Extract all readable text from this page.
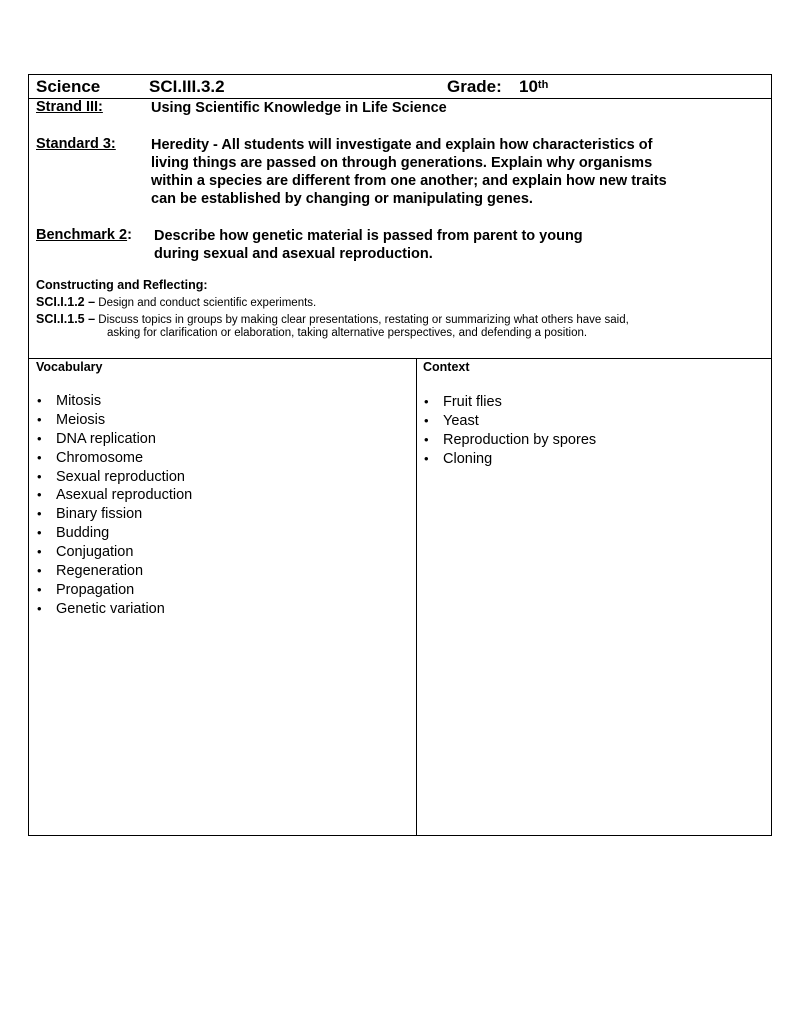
Science	SCI.III.3.2	Grade: 10 th
Strand III:	Using Scientific Knowledge in Life Science
Standard 3: Heredity - All students will investigate and explain how characteristics of
living things are passed on through generations. Explain why organisms
within a species are different from one another; and explain how new traits
can be established by changing or manipulating genes.
Benchmark 2: Describe how genetic material is passed from parent to young
during sexual and asexual reproduction.
Constructing and Reflecting:
SCI.I.1.2 – Design and conduct scientific experiments.
SCI.I.1.5 – Discuss topics in groups by making clear presentations, restating or summarizing what others have said,
asking for clarification or elaboration, taking alternative perspectives, and defending a position.
Vocabulary
• Mitosis
• Meiosis
• DNA replication
• Chromosome
• Sexual reproduction
• Asexual reproduction
• Binary fission
• Budding
• Conjugation
• Regeneration
• Propagation
• Genetic variation
Context
• Fruit flies
• Yeast
• Reproduction by spores
• Cloning
